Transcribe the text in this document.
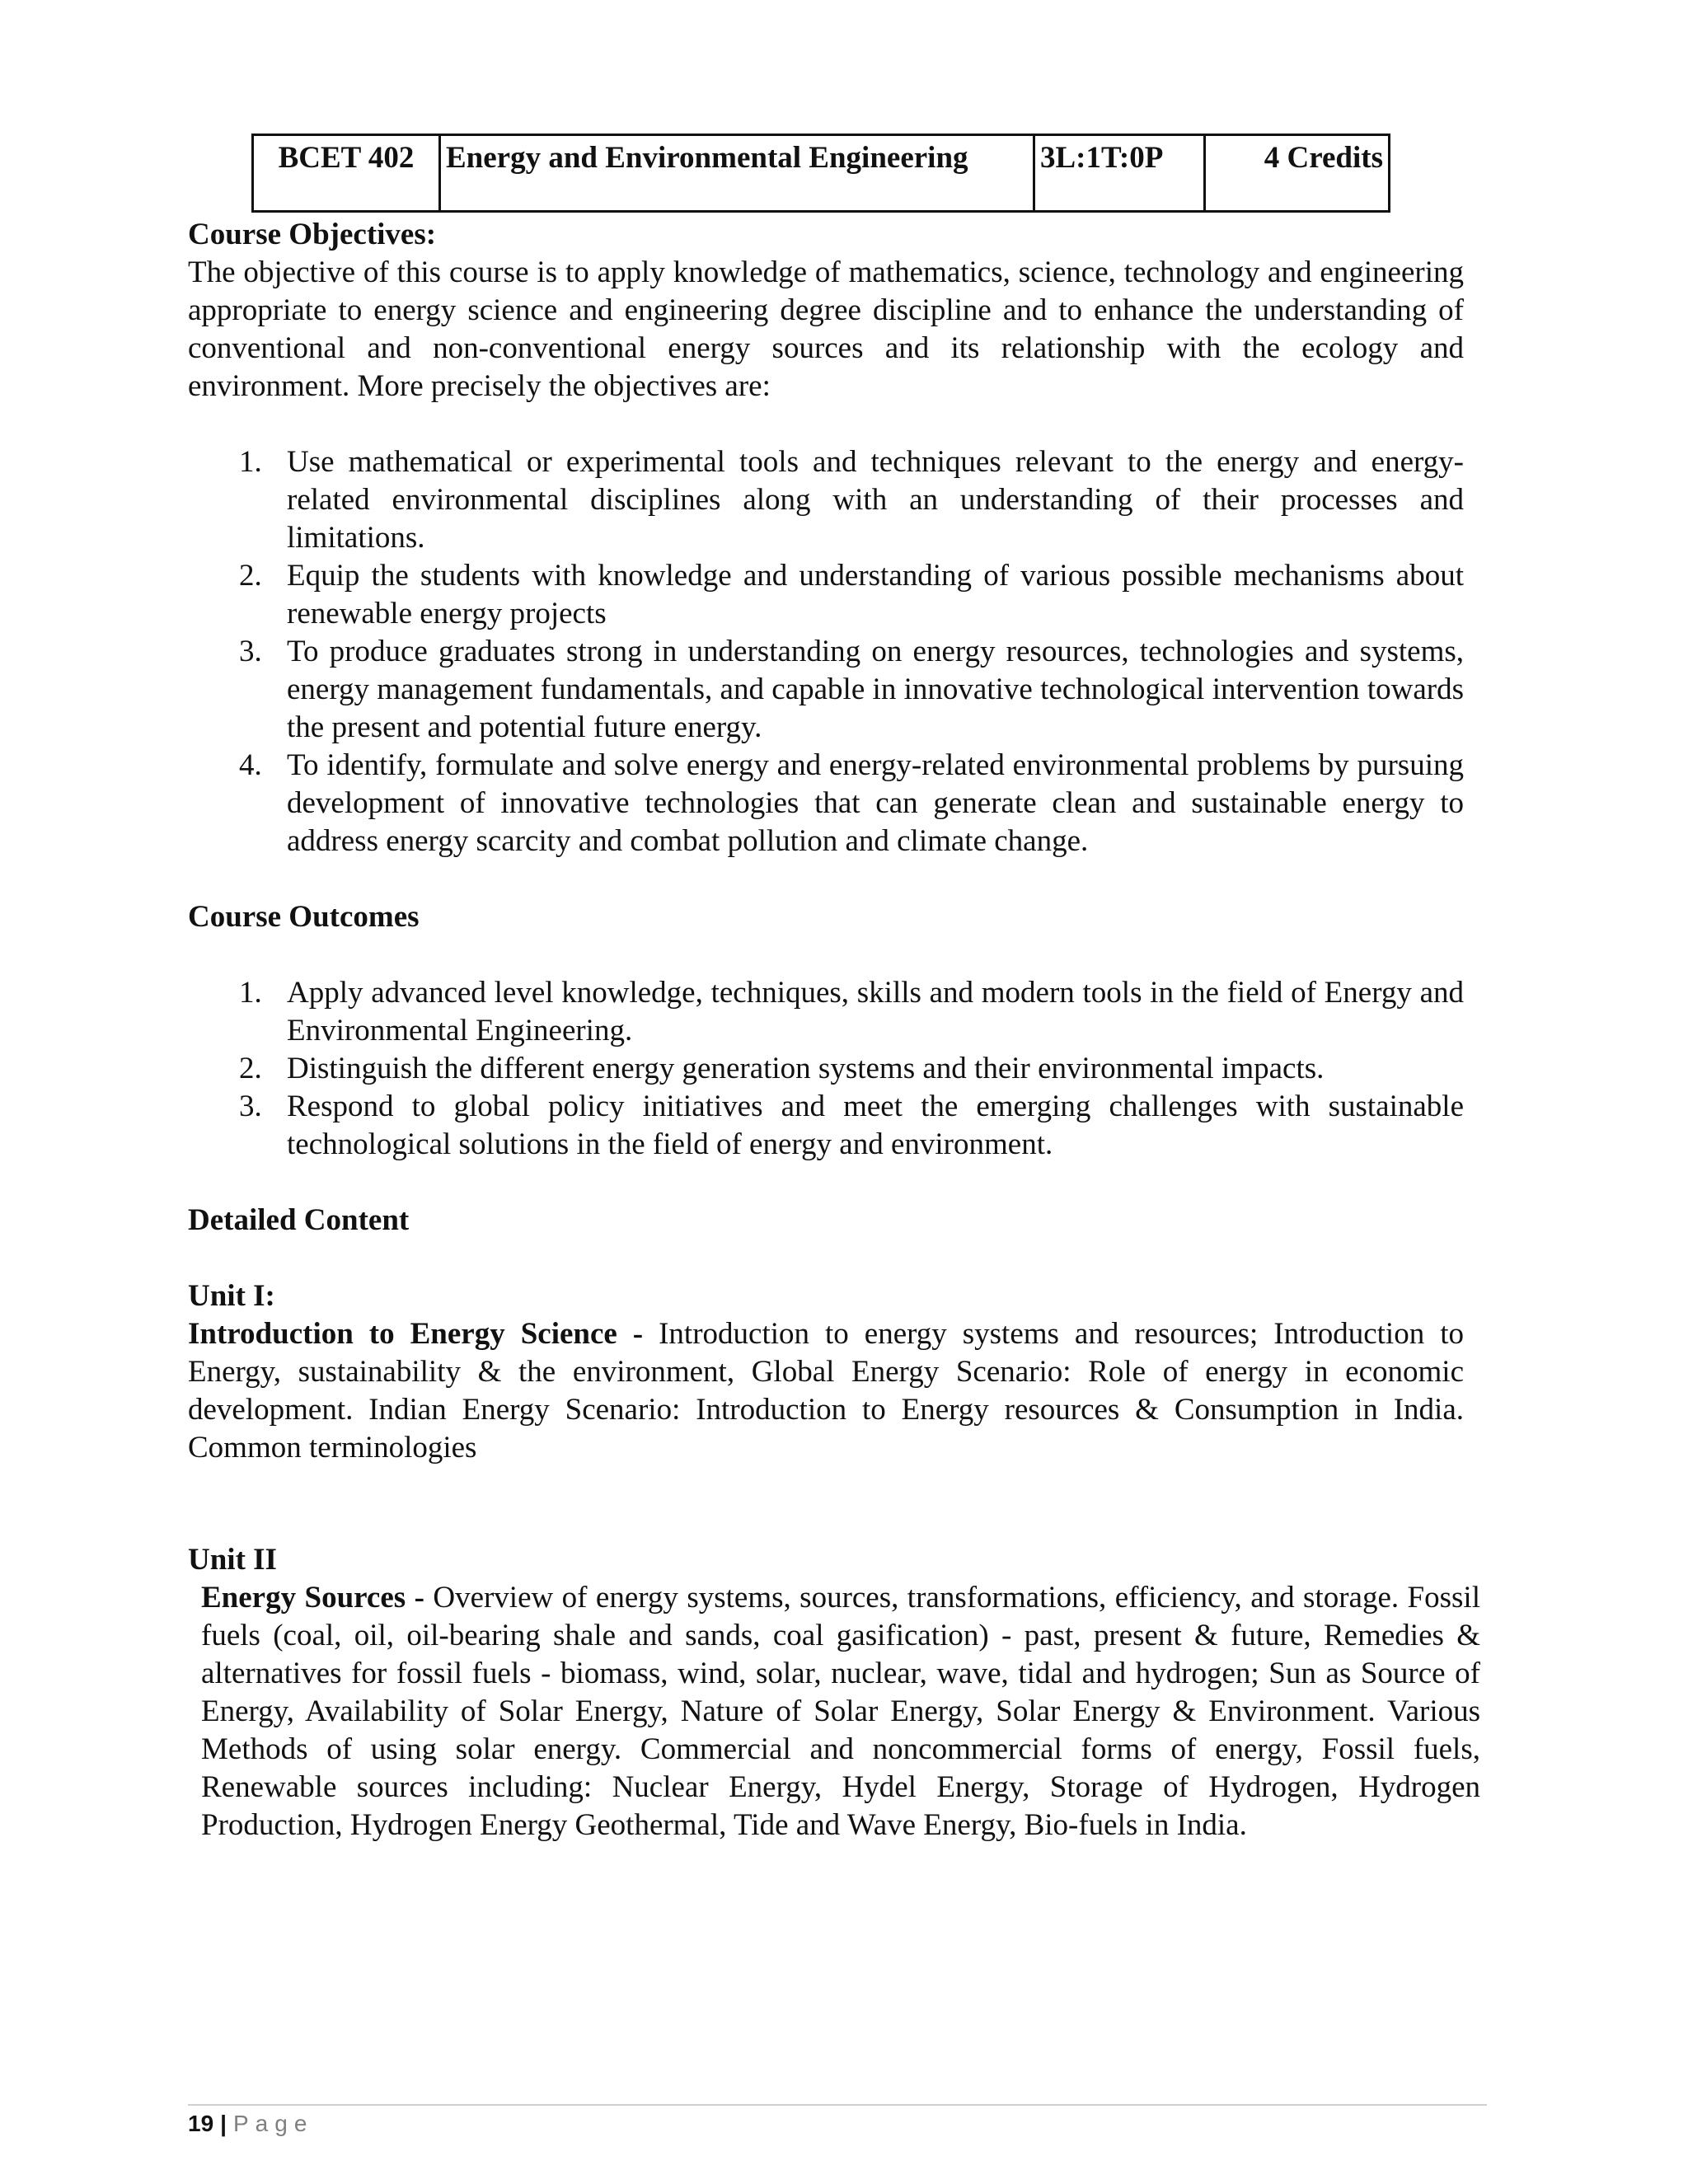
BCET 402	Energy and Environmental Engineering	3L:1T:0P	4 Credits
Course Objectives:
The objective of this course is to apply knowledge of mathematics, science, technology and engineering appropriate to energy science and engineering degree discipline and to enhance the understanding of conventional and non-conventional energy sources and its relationship with the ecology and environment. More precisely the objectives are:
1. Use mathematical or experimental tools and techniques relevant to the energy and energy-related environmental disciplines along with an understanding of their processes and limitations.
2. Equip the students with knowledge and understanding of various possible mechanisms about renewable energy projects
3. To produce graduates strong in understanding on energy resources, technologies and systems, energy management fundamentals, and capable in innovative technological intervention towards the present and potential future energy.
4. To identify, formulate and solve energy and energy-related environmental problems by pursuing development of innovative technologies that can generate clean and sustainable energy to address energy scarcity and combat pollution and climate change.
Course Outcomes
1. Apply advanced level knowledge, techniques, skills and modern tools in the field of Energy and Environmental Engineering.
2. Distinguish the different energy generation systems and their environmental impacts.
3. Respond to global policy initiatives and meet the emerging challenges with sustainable technological solutions in the field of energy and environment.
Detailed Content
Unit I:
Introduction to Energy Science - Introduction to energy systems and resources; Introduction to Energy, sustainability & the environment, Global Energy Scenario: Role of energy in economic development. Indian Energy Scenario: Introduction to Energy resources & Consumption in India. Common terminologies
Unit II
Energy Sources - Overview of energy systems, sources, transformations, efficiency, and storage. Fossil fuels (coal, oil, oil-bearing shale and sands, coal gasification) - past, present & future, Remedies & alternatives for fossil fuels - biomass, wind, solar, nuclear, wave, tidal and hydrogen; Sun as Source of Energy, Availability of Solar Energy, Nature of Solar Energy, Solar Energy & Environment. Various Methods of using solar energy. Commercial and noncommercial forms of energy, Fossil fuels, Renewable sources including: Nuclear Energy, Hydel Energy, Storage of Hydrogen, Hydrogen Production, Hydrogen Energy Geothermal, Tide and Wave Energy, Bio-fuels in India.
19 | Page
